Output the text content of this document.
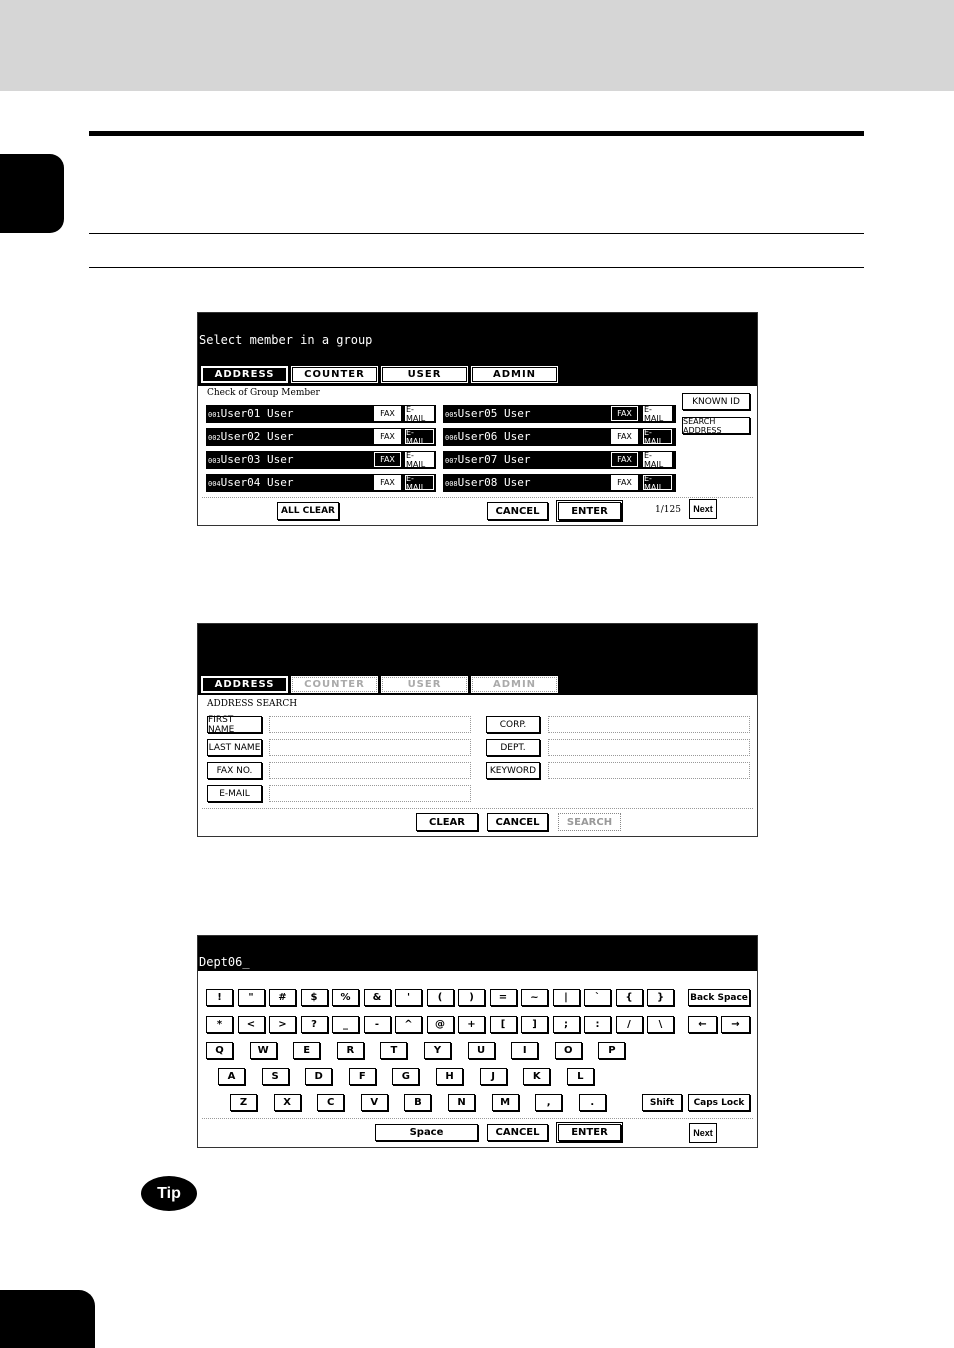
Select member in a group
ADDRESS	COUNTER	USER	ADMIN
Check of Group Member
001User01 User	FAX	E-MAIL
002User02 User	FAX	E-MAIL
003User03 User	FAX	E-MAIL
004User04 User	FAX	E-MAIL
005User05 User	FAX	E-MAIL
006User06 User	FAX	E-MAIL
007User07 User	FAX	E-MAIL
008User08 User	FAX	E-MAIL
KNOWN ID
SEARCH ADDRESS
ALL CLEAR	CANCEL	ENTER	1/125	Next
ADDRESS	COUNTER	USER	ADMIN
ADDRESS SEARCH
FIRST NAME
LAST NAME
FAX NO.
E-MAIL
CORP.
DEPT.
KEYWORD
CLEAR	CANCEL	SEARCH
Dept06_
!	"	#	$	%	&	'	(	)	=	~	|	`	{	}
*	<	>	?	_	-	^	@	+	[	]	;	:	/	\
Q	W	E	R	T	Y	U	I	O	P
A	S	D	F	G	H	J	K	L
Z	X	C	V	B	N	M	,	.
Back Space
←	→
Shift	Caps Lock
Space	CANCEL	ENTER	Next
Tip
